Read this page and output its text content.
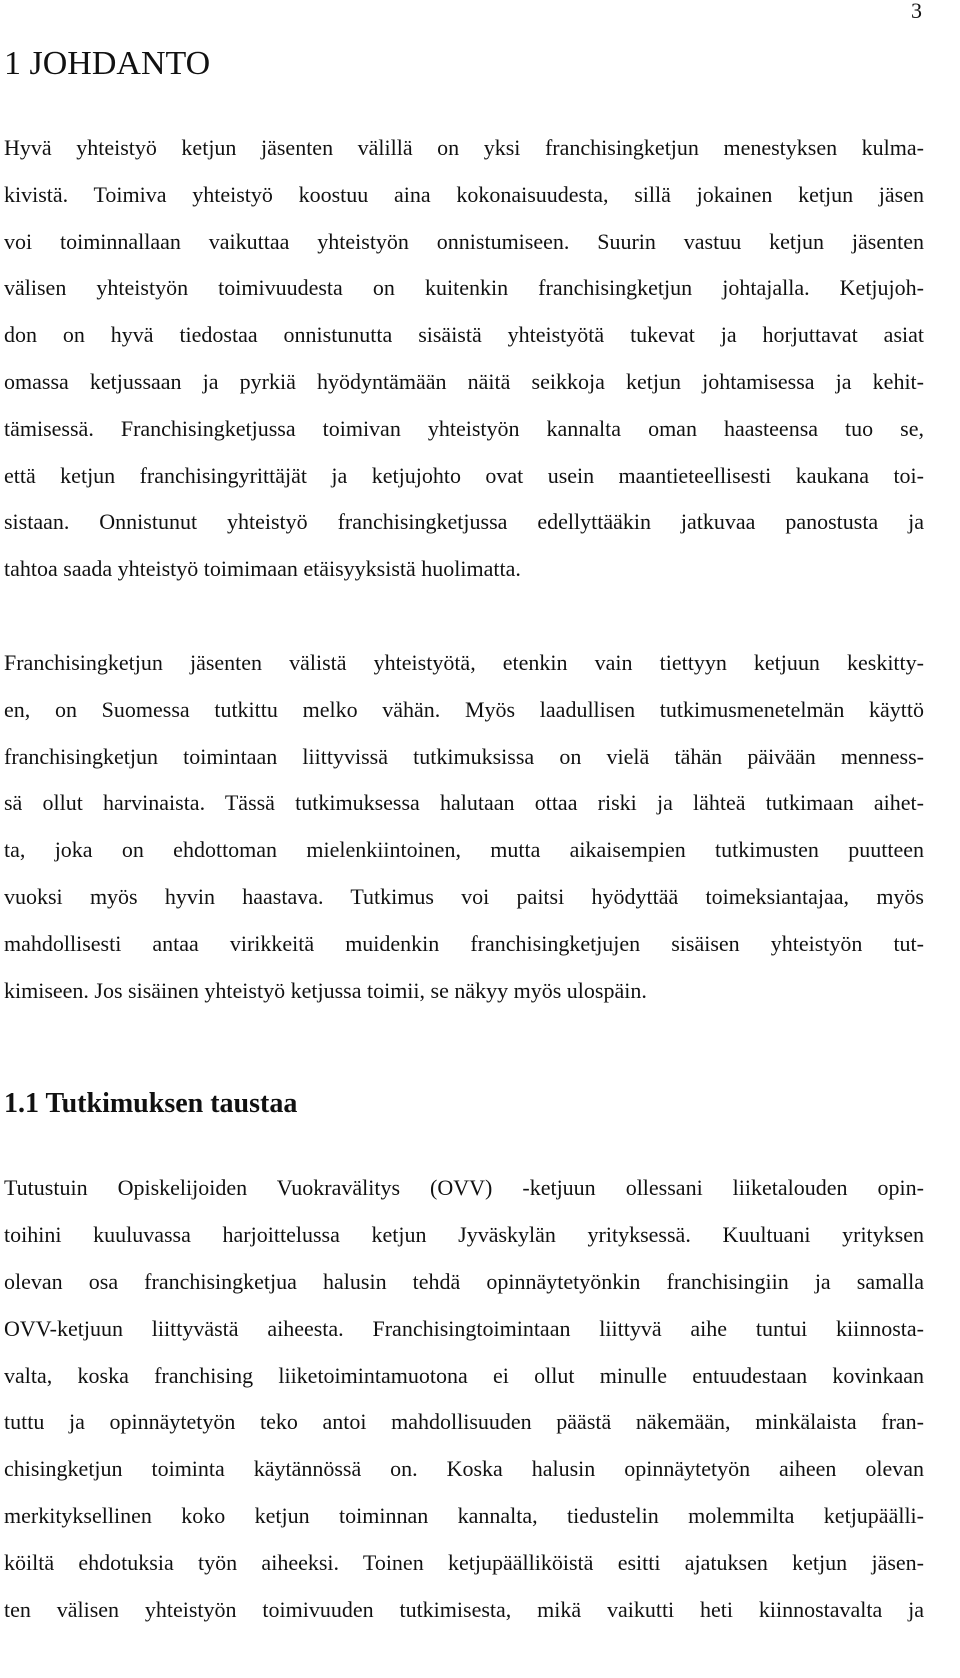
3
1 JOHDANTO

Hyvä yhteistyö ketjun jäsenten välillä on yksi franchisingketjun menestyksen kulma-
kivistä. Toimiva yhteistyö koostuu aina kokonaisuudesta, sillä jokainen ketjun jäsen
voi toiminnallaan vaikuttaa yhteistyön onnistumiseen. Suurin vastuu ketjun jäsenten
välisen yhteistyön toimivuudesta on kuitenkin franchisingketjun johtajalla. Ketjujoh-
don on hyvä tiedostaa onnistunutta sisäistä yhteistyötä tukevat ja horjuttavat asiat
omassa ketjussaan ja pyrkiä hyödyntämään näitä seikkoja ketjun johtamisessa ja kehit-
tämisessä. Franchisingketjussa toimivan yhteistyön kannalta oman haasteensa tuo se,
että ketjun franchisingyrittäjät ja ketjujohto ovat usein maantieteellisesti kaukana toi-
sistaan. Onnistunut yhteistyö franchisingketjussa edellyttääkin jatkuvaa panostusta ja
tahtoa saada yhteistyö toimimaan etäisyyksistä huolimatta.

Franchisingketjun jäsenten välistä yhteistyötä, etenkin vain tiettyyn ketjuun keskitty-
en, on Suomessa tutkittu melko vähän. Myös laadullisen tutkimusmenetelmän käyttö
franchisingketjun toimintaan liittyvissä tutkimuksissa on vielä tähän päivään menness-
sä ollut harvinaista. Tässä tutkimuksessa halutaan ottaa riski ja lähteä tutkimaan aihet-
ta, joka on ehdottoman mielenkiintoinen, mutta aikaisempien tutkimusten puutteen
vuoksi myös hyvin haastava. Tutkimus voi paitsi hyödyttää toimeksiantajaa, myös
mahdollisesti antaa virikkeitä muidenkin franchisingketjujen sisäisen yhteistyön tut-
kimiseen. Jos sisäinen yhteistyö ketjussa toimii, se näkyy myös ulospäin.

1.1 Tutkimuksen taustaa

Tutustuin Opiskelijoiden Vuokravälitys (OVV) -ketjuun ollessani liiketalouden opin-
toihini kuuluvassa harjoittelussa ketjun Jyväskylän yrityksessä. Kuultuani yrityksen
olevan osa franchisingketjua halusin tehdä opinnäytetyönkin franchisingiin ja samalla
OVV-ketjuun liittyvästä aiheesta. Franchisingtoimintaan liittyvä aihe tuntui kiinnosta-
valta, koska franchising liiketoimintamuotona ei ollut minulle entuudestaan kovinkaan
tuttu ja opinnäytetyön teko antoi mahdollisuuden päästä näkemään, minkälaista fran-
chisingketjun toiminta käytännössä on. Koska halusin opinnäytetyön aiheen olevan
merkityksellinen koko ketjun toiminnan kannalta, tiedustelin molemmilta ketjupäälli-
köiltä ehdotuksia työn aiheeksi. Toinen ketjupäälliköistä esitti ajatuksen ketjun jäsen-
ten välisen yhteistyön toimivuuden tutkimisesta, mikä vaikutti heti kiinnostavalta ja
